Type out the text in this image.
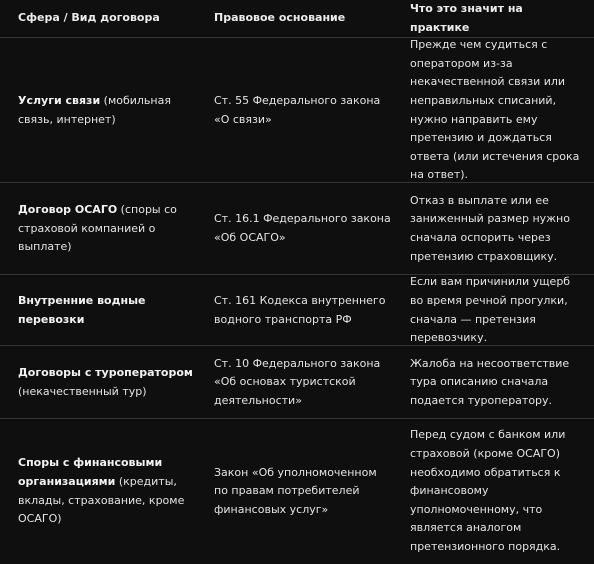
Сфера / Вид договора	Правовое основание
Что это значит на практике
Услуги связи (мобильная связь, интернет)
Ст. 55 Федерального закона «О связи»
Прежде чем судиться с оператором из-за некачественной связи или неправильных списаний, нужно направить ему претензию и дождаться ответа (или истечения срока на ответ).
Договор ОСАГО (споры со страховой компанией о выплате)
Ст. 16.1 Федерального закона «Об ОСАГО»
Отказ в выплате или ее заниженный размер нужно сначала оспорить через претензию страховщику.
Внутренние водные перевозки
Ст. 161 Кодекса внутреннего водного транспорта РФ
Если вам причинили ущерб во время речной прогулки, сначала — претензия перевозчику.
Договоры с туроператором (некачественный тур)
Ст. 10 Федерального закона «Об основах туристской деятельности»
Жалоба на несоответствие тура описанию сначала подается туроператору.
Споры с финансовыми организациями (кредиты, вклады, страхование, кроме ОСАГО)
Закон «Об уполномоченном по правам потребителей финансовых услуг»
Перед судом с банком или страховой (кроме ОСАГО) необходимо обратиться к финансовому уполномоченному, что является аналогом претензионного порядка.
